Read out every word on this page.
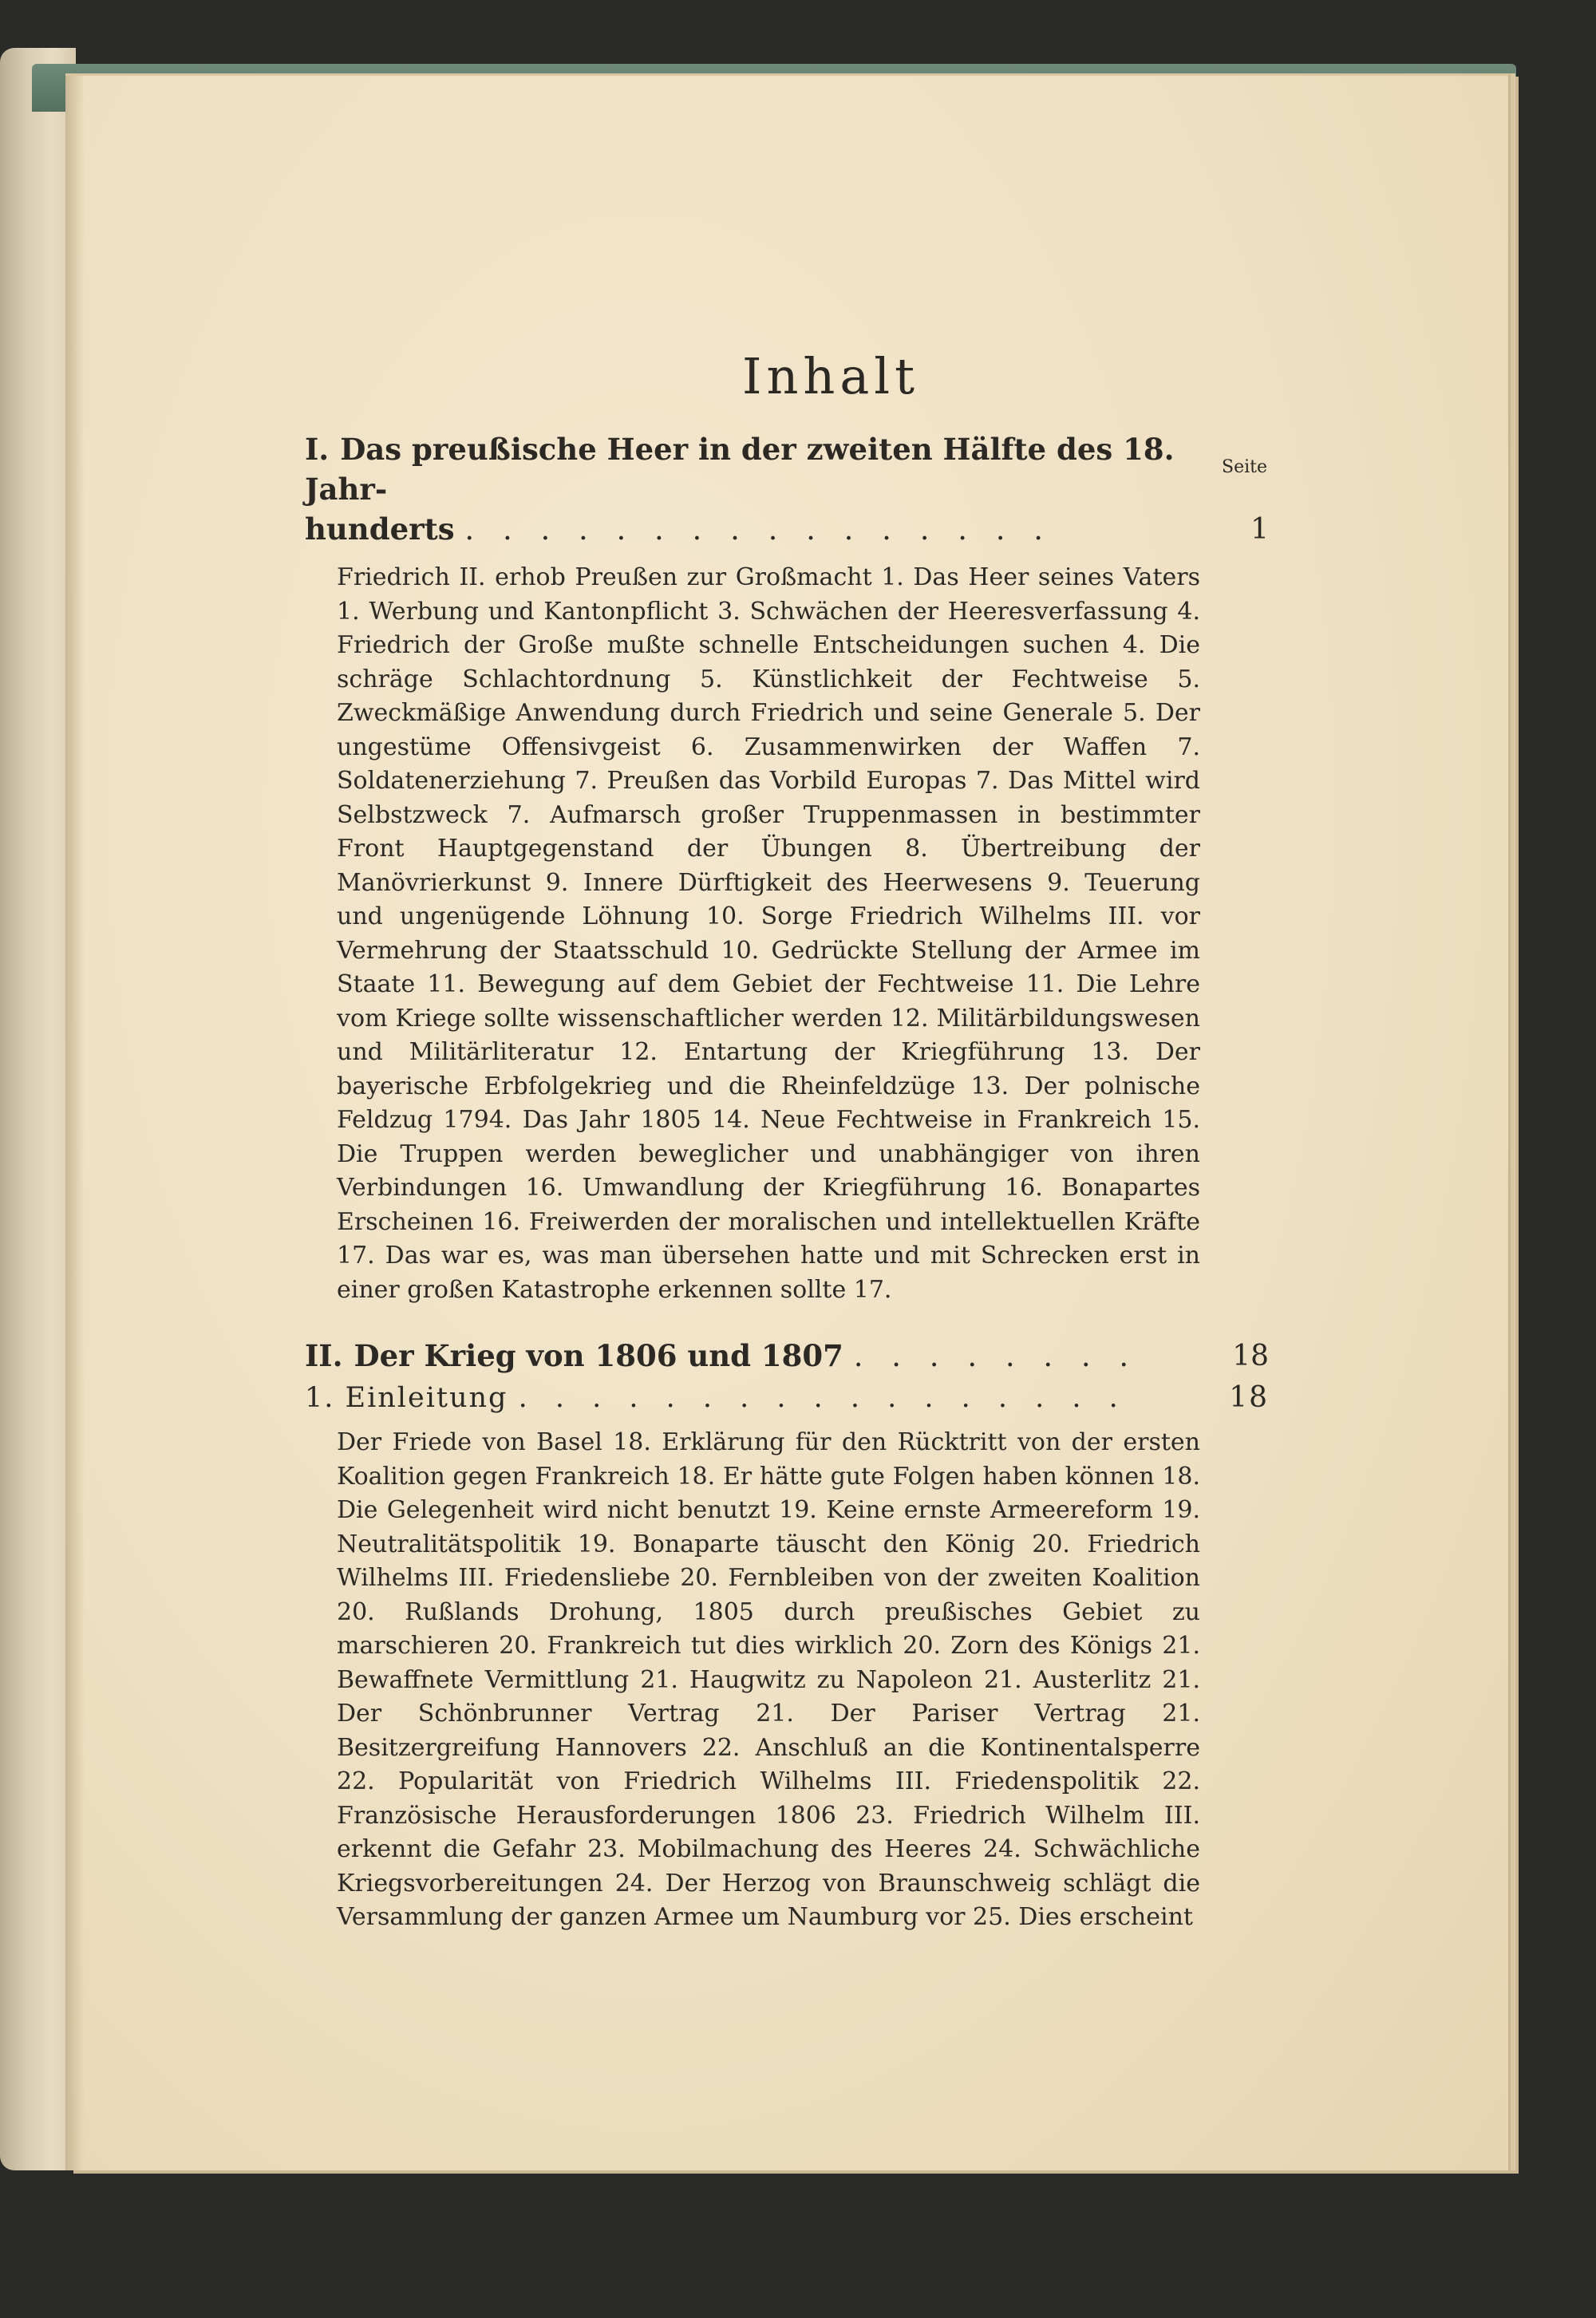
Inhalt
Seite
I. Das preußische Heer in der zweiten Hälfte des 18. Jahr-
hunderts . . . . . . . . . . . . . . . .	1
Friedrich II. erhob Preußen zur Großmacht 1. Das Heer seines Vaters 1. Werbung und Kantonpflicht 3. Schwächen der Heeresverfassung 4. Friedrich der Große mußte schnelle Entscheidungen suchen 4. Die schräge Schlachtordnung 5. Künstlichkeit der Fechtweise 5. Zweckmäßige Anwendung durch Friedrich und seine Generale 5. Der ungestüme Offensivgeist 6. Zusammenwirken der Waffen 7. Soldatenerziehung 7. Preußen das Vorbild Europas 7. Das Mittel wird Selbstzweck 7. Aufmarsch großer Truppenmassen in bestimmter Front Hauptgegenstand der Übungen 8. Übertreibung der Manövrierkunst 9. Innere Dürftigkeit des Heerwesens 9. Teuerung und ungenügende Löhnung 10. Sorge Friedrich Wilhelms III. vor Vermehrung der Staatsschuld 10. Gedrückte Stellung der Armee im Staate 11. Bewegung auf dem Gebiet der Fechtweise 11. Die Lehre vom Kriege sollte wissenschaftlicher werden 12. Militärbildungswesen und Militärliteratur 12. Entartung der Kriegführung 13. Der bayerische Erbfolgekrieg und die Rheinfeldzüge 13. Der polnische Feldzug 1794. Das Jahr 1805 14. Neue Fechtweise in Frankreich 15. Die Truppen werden beweglicher und unabhängiger von ihren Verbindungen 16. Umwandlung der Kriegführung 16. Bonapartes Erscheinen 16. Freiwerden der moralischen und intellektuellen Kräfte 17. Das war es, was man übersehen hatte und mit Schrecken erst in einer großen Katastrophe erkennen sollte 17.
II. Der Krieg von 1806 und 1807 . . . . . . . .	18
1. Einleitung . . . . . . . . . . . . . . . . .	18
Der Friede von Basel 18. Erklärung für den Rücktritt von der ersten Koalition gegen Frankreich 18. Er hätte gute Folgen haben können 18. Die Gelegenheit wird nicht benutzt 19. Keine ernste Armeereform 19. Neutralitätspolitik 19. Bonaparte täuscht den König 20. Friedrich Wilhelms III. Friedensliebe 20. Fernbleiben von der zweiten Koalition 20. Rußlands Drohung, 1805 durch preußisches Gebiet zu marschieren 20. Frankreich tut dies wirklich 20. Zorn des Königs 21. Bewaffnete Vermittlung 21. Haugwitz zu Napoleon 21. Austerlitz 21. Der Schönbrunner Vertrag 21. Der Pariser Vertrag 21. Besitzergreifung Hannovers 22. Anschluß an die Kontinentalsperre 22. Popularität von Friedrich Wilhelms III. Friedenspolitik 22. Französische Herausforderungen 1806 23. Friedrich Wilhelm III. erkennt die Gefahr 23. Mobilmachung des Heeres 24. Schwächliche Kriegsvorbereitungen 24. Der Herzog von Braunschweig schlägt die Versammlung der ganzen Armee um Naumburg vor 25. Dies erscheint
